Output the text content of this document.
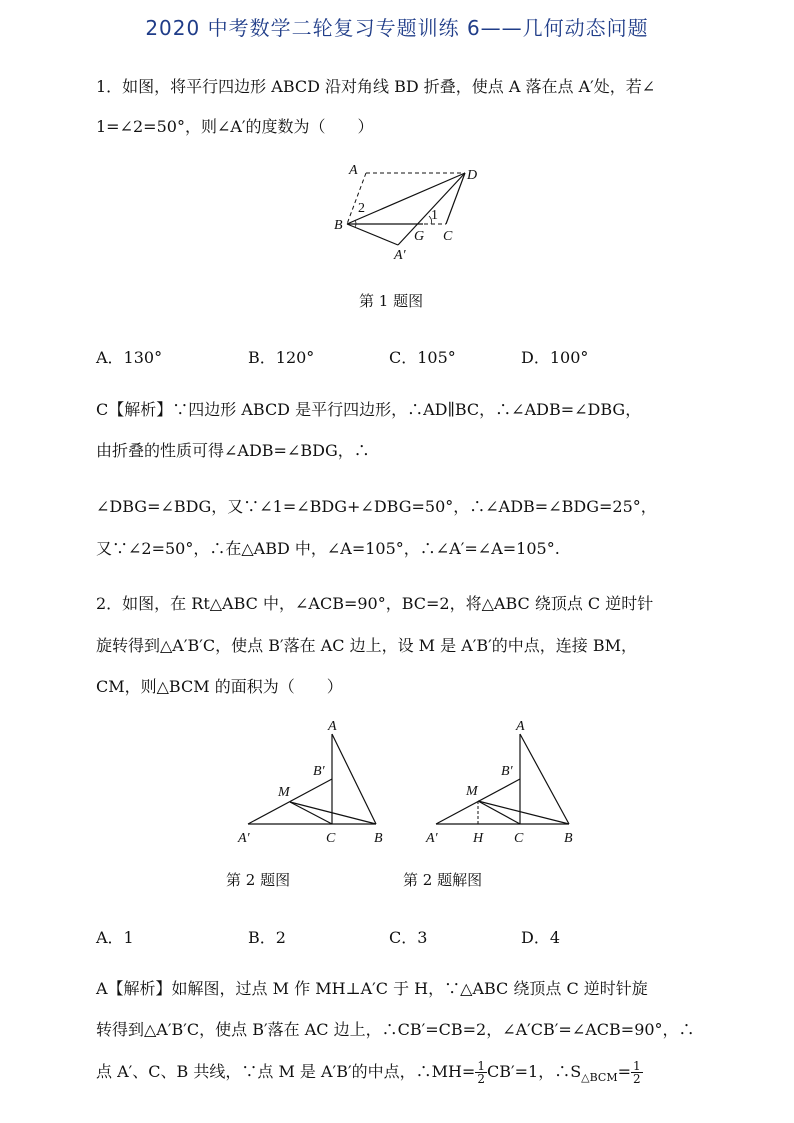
2020 中考数学二轮复习专题训练 6——几何动态问题
1．如图，将平行四边形 ABCD 沿对角线 BD 折叠，使点 A 落在点 A′处，若∠
1=∠2=50°，则∠A′的度数为（　　）
A	D
B
2	1
G C
A′
第 1 题图
A．130°	B．120°	C．105°	D．100°
C【解析】∵四边形 ABCD 是平行四边形，∴AD∥BC，∴∠ADB=∠DBG，
由折叠的性质可得∠ADB=∠BDG，∴
∠DBG=∠BDG，又∵∠1=∠BDG+∠DBG=50°，∴∠ADB=∠BDG=25°，
又∵∠2=50°，∴在△ABD 中，∠A=105°，∴∠A′=∠A=105°.
2．如图，在 Rt△ABC 中，∠ACB=90°，BC=2，将△ABC 绕顶点 C 逆时针
旋转得到△A′B′C，使点 B′落在 AC 边上，设 M 是 A′B′的中点，连接 BM，
CM，则△BCM 的面积为（　　）
A
B′
M
A′	C	B
A
B′
M
A′	H C	B
第 2 题图	第 2 题解图
A．1	B．2	C．3	D．4
A【解析】如解图，过点 M 作 MH⊥A′C 于 H，∵△ABC 绕顶点 C 逆时针旋
转得到△A′B′C，使点 B′落在 AC 边上，∴CB′=CB=2，∠A′CB′=∠ACB=90°，∴
点 A′、C、B 共线，∵点 M 是 A′B′的中点，∴MH= $\frac{1}{2} CB'=1$，$\therefore S_{\triangle BCM}= \frac{1}{2}$
